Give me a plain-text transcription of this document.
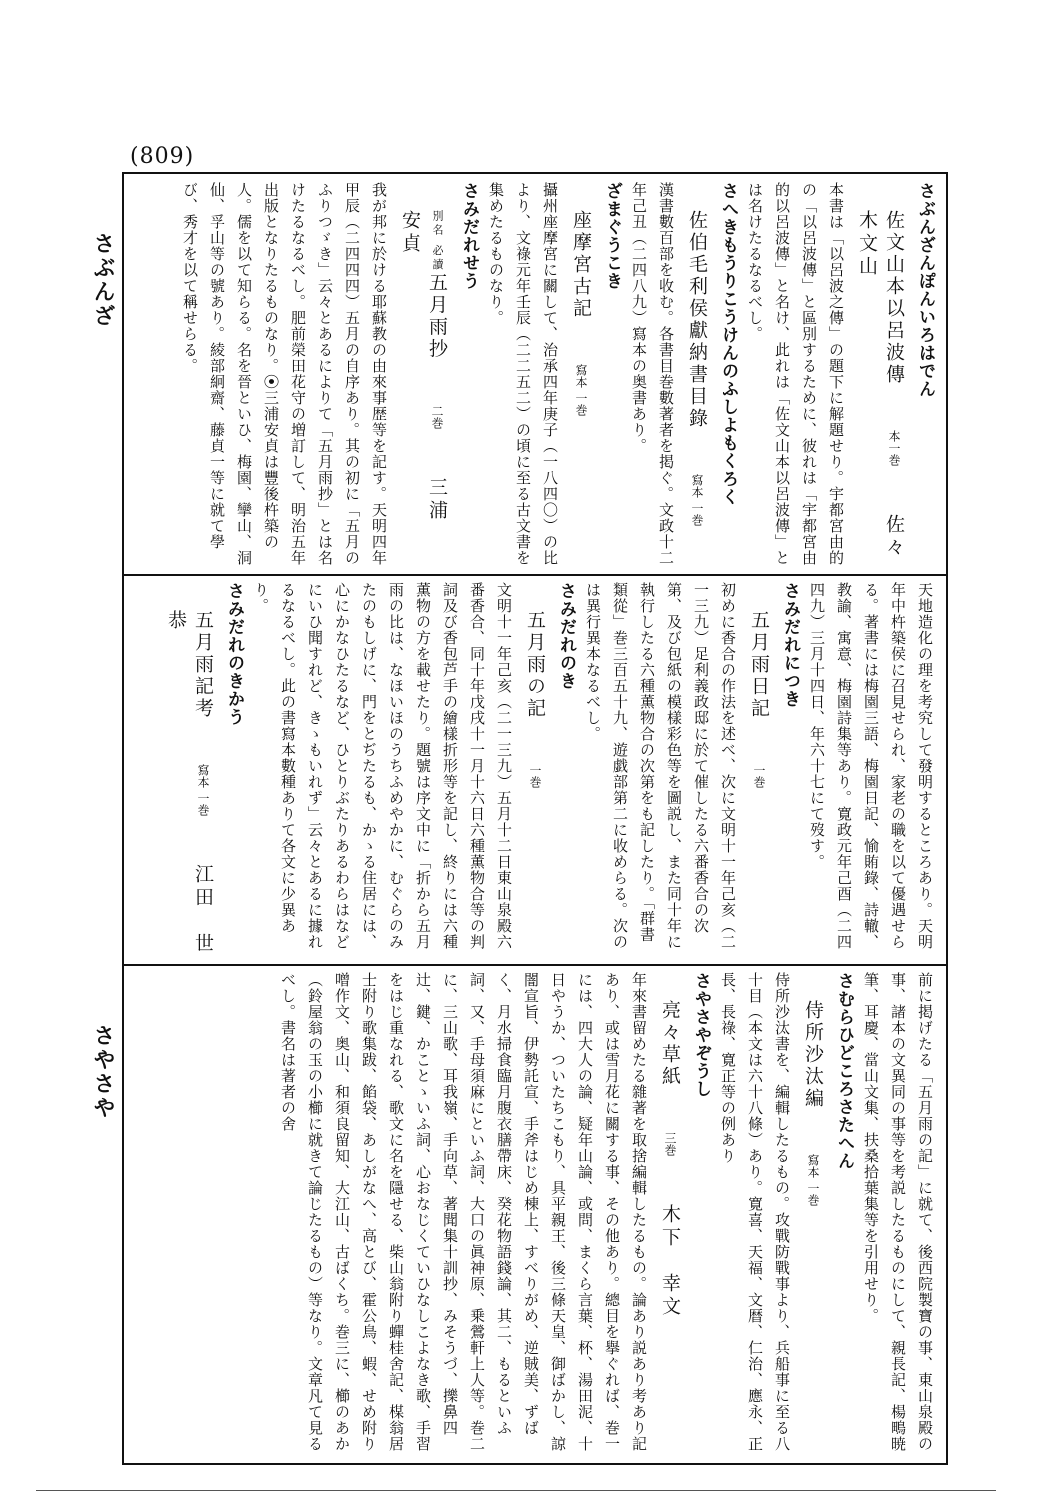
(809)
さぶんざ
さやさや
さぶんざんぽんいろはでん
佐文山本以呂波傳　本一巻　佐々木文山
本書は「以呂波之傳」の題下に解題せり。宇都宮由的の「以呂波傳」と區別するために、彼れは「宇都宮由的以呂波傳」と名け、此れは「佐文山本以呂波傳」とは名けたるなるべし。
さへきもうりこうけんのふしよもくろく
佐伯毛利侯獻納書目錄　寫本 一巻
漢書數百部を收む。各書目巻數著者を掲ぐ。文政十二年己丑（二四八九）寫本の奥書あり。
ざまぐうこき
座摩宮古記　寫本 一巻
攝州座摩宮に關して、治承四年庚子（一八四〇）の比より、文祿元年壬辰（二二五二）の頃に至る古文書を集めたるものなり。
さみだれせう
別名 必讀五月雨抄　二巻　三浦　安貞
我が邦に於ける耶蘇教の由來事歴等を記す。天明四年甲辰（二四四四）五月の自序あり。其の初に「五月のふりつゞき」云々とあるによりて「五月雨抄」とは名けたるなるべし。肥前榮田花守の増訂して、明治五年出版となりたるものなり。⦿三浦安貞は豐後杵築の人。儒を以て知らる。名を晉といひ、梅園、攣山、洞仙、孚山等の號あり。綾部絅齋、藤貞一等に就て學び、秀才を以て稱せらる。
天地造化の理を考究して發明するところあり。天明年中杵築侯に召見せられ、家老の職を以て優遇せらる。著書には梅園三語、梅園日記、愉賄錄、詩轍、教諭、寓意、梅園詩集等あり。寛政元年己酉（二四四九）三月十四日、年六十七にて歿す。
さみだれにつき
五月雨日記　一巻
初めに香合の作法を述べ、次に文明十一年己亥（二一三九）足利義政邸に於て催したる六番香合の次第、及び包紙の模樣彩色等を圖説し、また同十年に執行したる六種薫物合の次第をも記したり。「群書類從」巻三百五十九、遊戯部第二に收めらる。次のは異行異本なるべし。
さみだれのき
五月雨の記　一巻
文明十一年己亥（二一三九）五月十二日東山泉殿六番香合、同十年戊戌十一月十六日六種薫物合等の判詞及び香包芦手の繪樣折形等を記し、終りには六種薫物の方を載せたり。題號は序文中に「折から五月雨の比は、なほいほのうちふめやかに、むぐらのみたのもしげに、門をとぢたるも、かゝる住居には、心にかなひたるなど、ひとりぶたりあるわらはなどにいひ聞すれど、きゝもいれず」云々とあるに據れるなるべし。此の書寫本數種ありて各文に少異あり。
さみだれのきかう
五月雨記考　寫本 一巻　江田　世恭
前に掲げたる「五月雨の記」に就て、後西院製寶の事、東山泉殿の事、諸本の文異同の事等を考説したるものにして、親長記、楊鴫暁筆、耳慶、當山文集、扶桑拾葉集等を引用せり。
さむらひどころさたへん
侍所沙汰編　寫本 一巻
侍所沙汰書を、編輯したるもの。攻戰防戰事より、兵船事に至る八十目（本文は六十八條）あり。寛喜、天福、文暦、仁治、應永、正長、長祿、寛正等の例あり
さやさやぞうし
亮々草紙　三巻　木下　幸文
年來書留めたる雜著を取捨編輯したるもの。論あり説あり考あり記あり、或は雪月花に關する事、その他あり。總目を擧ぐれば、巻一には、四大人の論、疑年山論、或問、まくら言葉、杯、湯田泥、十日やうか、ついたちこもり、具平親王、後三條天皇、御ばかし、諒闇宣旨、伊勢託宣、手斧はじめ棟上、すべりがめ、逆賊美、ずばく、月水掃食臨月腹衣膳帶床、癸花物語錢論、其二、もるといふ詞、又、手母須麻にといふ詞、大口の眞神原、乗鶯軒上人等。巻二に、三山歌、耳我嶺、手向草、著聞集十訓抄、みそうづ、擽鼻四辻、鍵、かことゝいふ詞、心おなじくていひなしこよなき歌、手習をはじ重なれる、歌文に名を隱せる、柴山翁附り蟬桂舍記、楳翁居士附り歌集跋、餡袋、あしがなへ、高とび、霍公鳥、蝦、せめ附り噌作文、奥山、和須良留知、大江山、古ばくち。巻三に、櫛のあか（鈴屋翁の玉の小櫛に就きて論じたるもの）等なり。文章凡て見るべし。書名は著者の舍
